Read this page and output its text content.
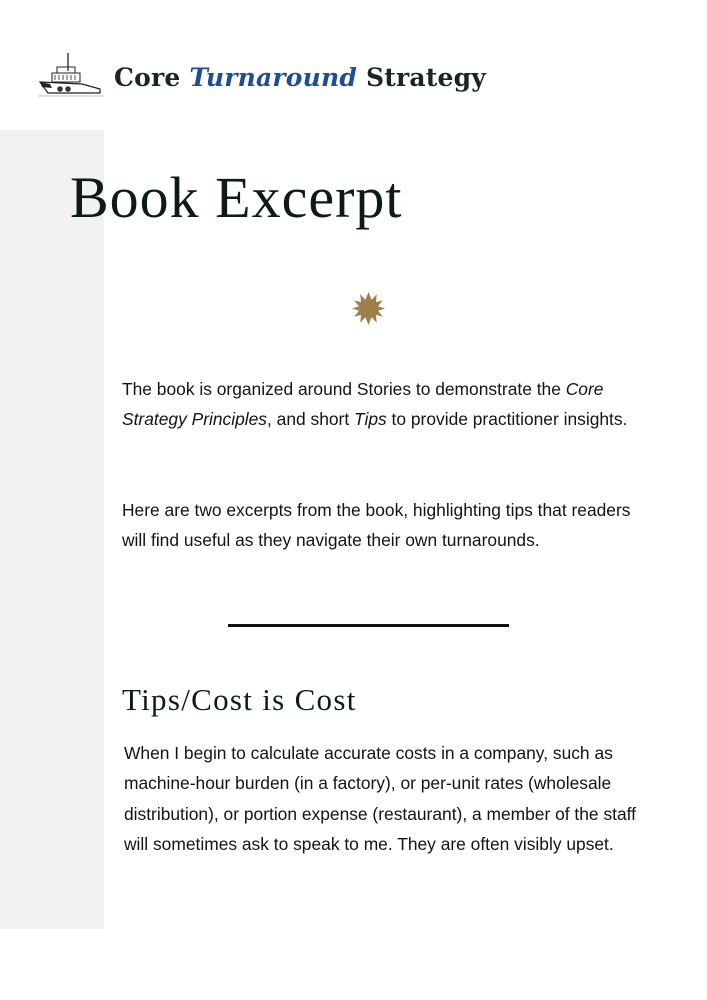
Core Turnaround Strategy
Book Excerpt

The book is organized around Stories to demonstrate the Core Strategy Principles, and short Tips to provide practitioner insights.

Here are two excerpts from the book, highlighting tips that readers will find useful as they navigate their own turnarounds.

Tips/Cost is Cost

When I begin to calculate accurate costs in a company, such as machine-hour burden (in a factory), or per-unit rates (wholesale distribution), or portion expense (restaurant), a member of the staff will sometimes ask to speak to me. They are often visibly upset.
